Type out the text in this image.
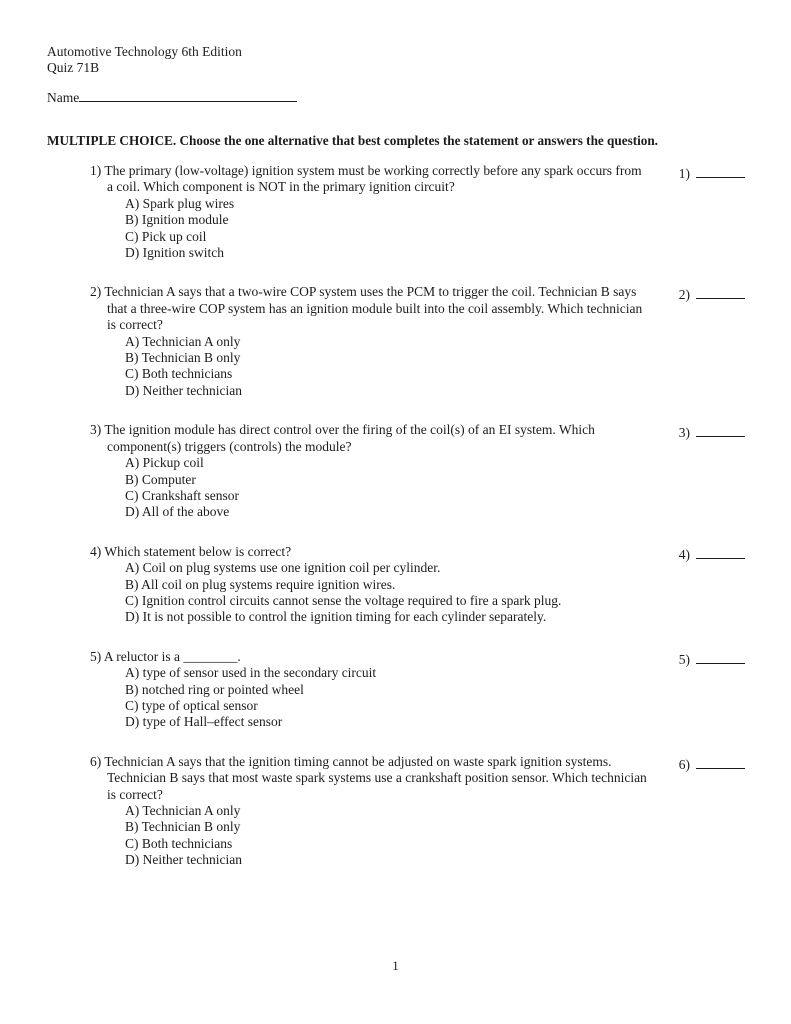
Automotive Technology 6th Edition

Quiz 71B

Name

MULTIPLE CHOICE. Choose the one alternative that best completes the statement or answers the question.

1) The primary (low-voltage) ignition system must be working correctly before any spark occurs from a coil. Which component is NOT in the primary ignition circuit?

A) Spark plug wires

B) Ignition module

C) Pick up coil

D) Ignition switch

1)

2) Technician A says that a two-wire COP system uses the PCM to trigger the coil. Technician B says that a three-wire COP system has an ignition module built into the coil assembly. Which technician is correct?

A) Technician A only

B) Technician B only

C) Both technicians

D) Neither technician

2)

3) The ignition module has direct control over the firing of the coil(s) of an EI system. Which component(s) triggers (controls) the module?

A) Pickup coil

B) Computer

C) Crankshaft sensor

D) All of the above

3)

4) Which statement below is correct?

A) Coil on plug systems use one ignition coil per cylinder.

B) All coil on plug systems require ignition wires.

C) Ignition control circuits cannot sense the voltage required to fire a spark plug.

D) It is not possible to control the ignition timing for each cylinder separately.

4)

5) A reluctor is a ________.

A) type of sensor used in the secondary circuit

B) notched ring or pointed wheel

C) type of optical sensor

D) type of Hall–effect sensor

5)

6) Technician A says that the ignition timing cannot be adjusted on waste spark ignition systems. Technician B says that most waste spark systems use a crankshaft position sensor. Which technician is correct?

A) Technician A only

B) Technician B only

C) Both technicians

D) Neither technician

6)
1
